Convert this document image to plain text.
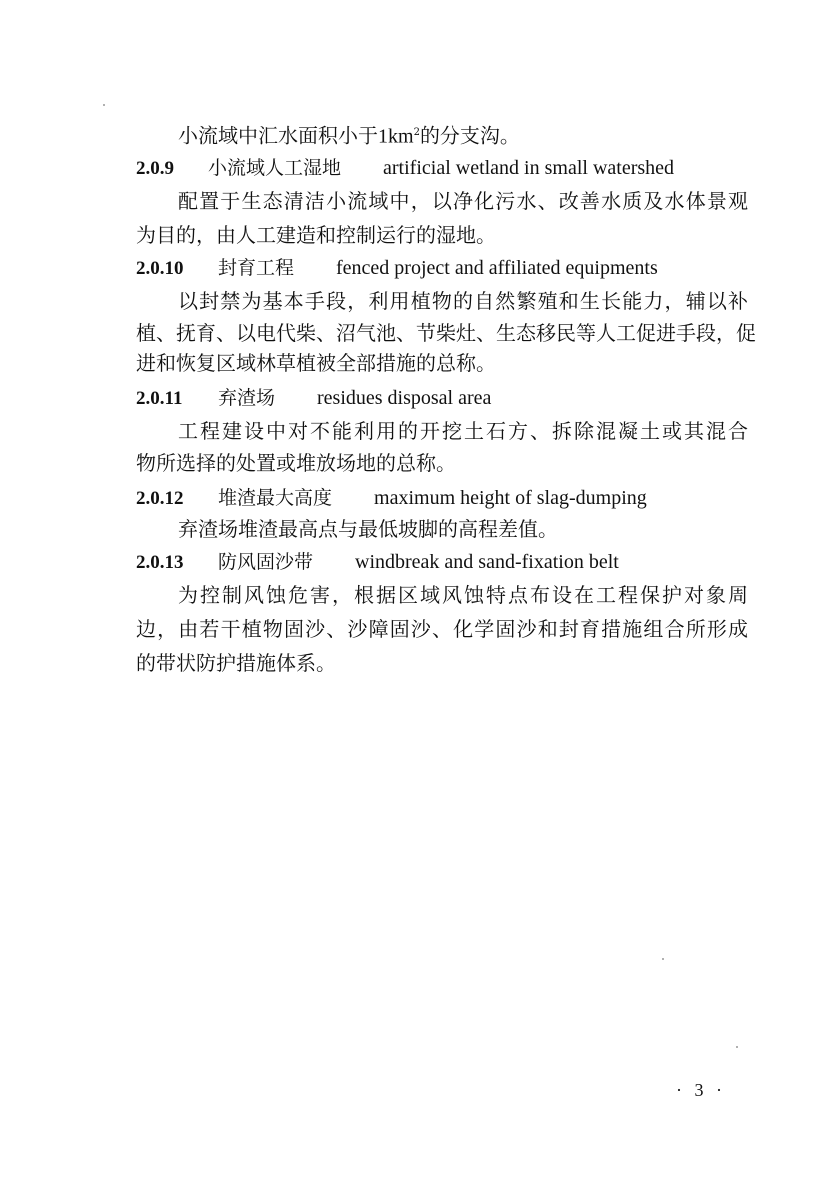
小流域中汇水面积小于$1km^2$的分支沟。
2.0.9 小流域人工湿地 artificial wetland in small watershed
配置于生态清洁小流域中，以净化污水、改善水质及水体景观
为目的，由人工建造和控制运行的湿地。
2.0.10 封育工程 fenced project and affiliated equipments
以封禁为基本手段，利用植物的自然繁殖和生长能力，辅以补
植、抚育、以电代柴、沼气池、节柴灶、生态移民等人工促进手段，促
进和恢复区域林草植被全部措施的总称。
2.0.11 弃渣场 residues disposal area
工程建设中对不能利用的开挖土石方、拆除混凝土或其混合
物所选择的处置或堆放场地的总称。
2.0.12 堆渣最大高度 maximum height of slag-dumping
弃渣场堆渣最高点与最低坡脚的高程差值。
2.0.13 防风固沙带 windbreak and sand-fixation belt
为控制风蚀危害，根据区域风蚀特点布设在工程保护对象周
边，由若干植物固沙、沙障固沙、化学固沙和封育措施组合所形成
的带状防护措施体系。
· 3 ·
